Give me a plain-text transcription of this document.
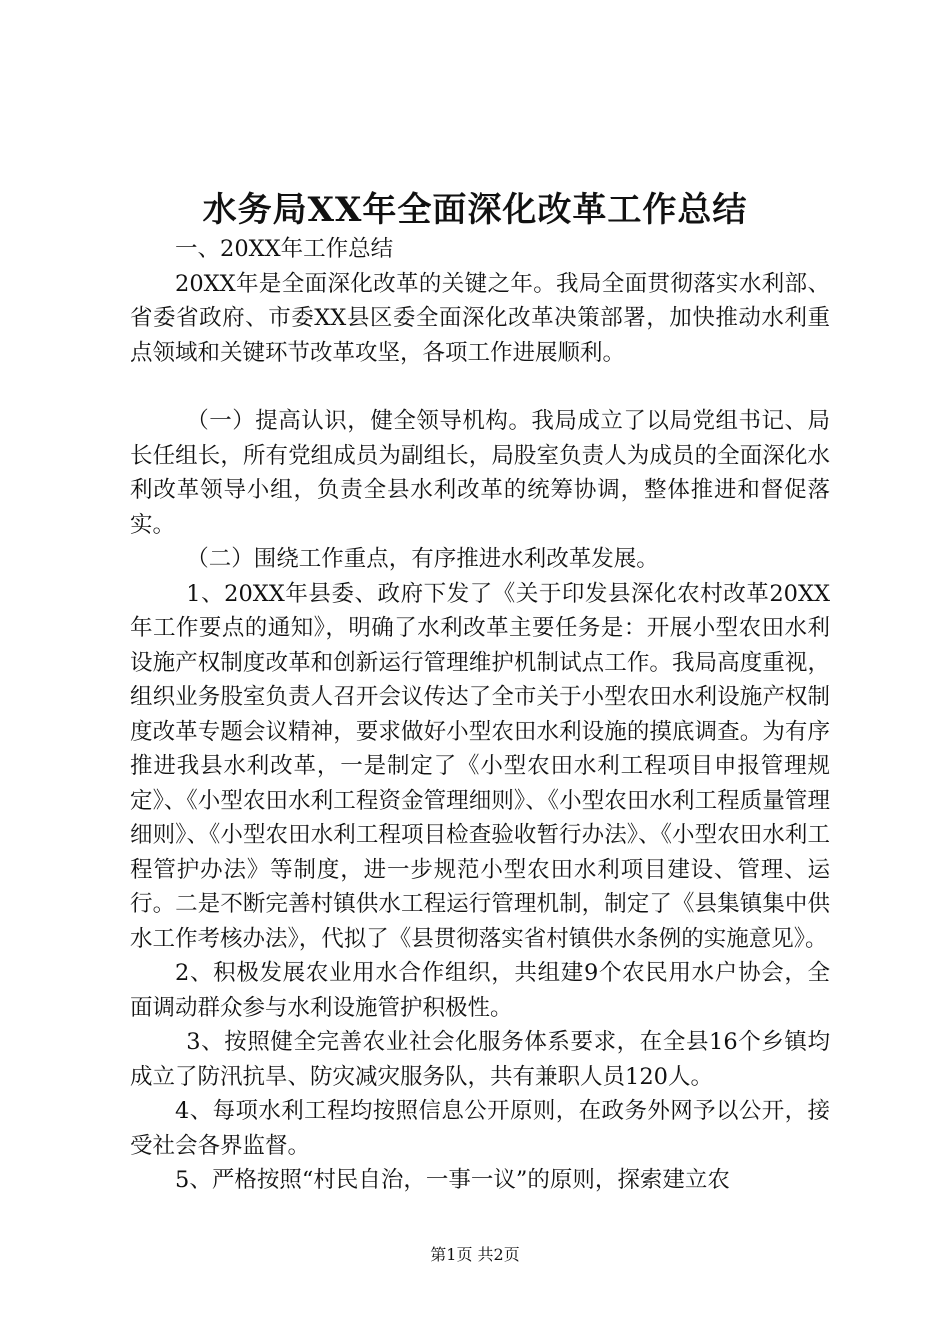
水务局XX年全面深化改革工作总结

一、20XX年工作总结

20XX年是全面深化改革的关键之年。我局全面贯彻落实水利部、省委省政府、市委XX县区委全面深化改革决策部署，加快推动水利重点领域和关键环节改革攻坚，各项工作进展顺利。

（一）提高认识，健全领导机构。我局成立了以局党组书记、局长任组长，所有党组成员为副组长，局股室负责人为成员的全面深化水利改革领导小组，负责全县水利改革的统筹协调，整体推进和督促落实。

（二）围绕工作重点，有序推进水利改革发展。

1、20XX年县委、政府下发了《关于印发县深化农村改革20XX年工作要点的通知》，明确了水利改革主要任务是：开展小型农田水利设施产权制度改革和创新运行管理维护机制试点工作。我局高度重视，组织业务股室负责人召开会议传达了全市关于小型农田水利设施产权制度改革专题会议精神，要求做好小型农田水利设施的摸底调查。为有序推进我县水利改革，一是制定了《小型农田水利工程项目申报管理规定》、《小型农田水利工程资金管理细则》、《小型农田水利工程质量管理细则》、《小型农田水利工程项目检查验收暂行办法》、《小型农田水利工程管护办法》等制度，进一步规范小型农田水利项目建设、管理、运行。二是不断完善村镇供水工程运行管理机制，制定了《县集镇集中供水工作考核办法》，代拟了《县贯彻落实省村镇供水条例的实施意见》。

2、积极发展农业用水合作组织，共组建9个农民用水户协会，全面调动群众参与水利设施管护积极性。

3、按照健全完善农业社会化服务体系要求，在全县16个乡镇均成立了防汛抗旱、防灾减灾服务队，共有兼职人员120人。

4、每项水利工程均按照信息公开原则，在政务外网予以公开，接受社会各界监督。

5、严格按照“村民自治，一事一议”的原则，探索建立农

第1页 共2页
